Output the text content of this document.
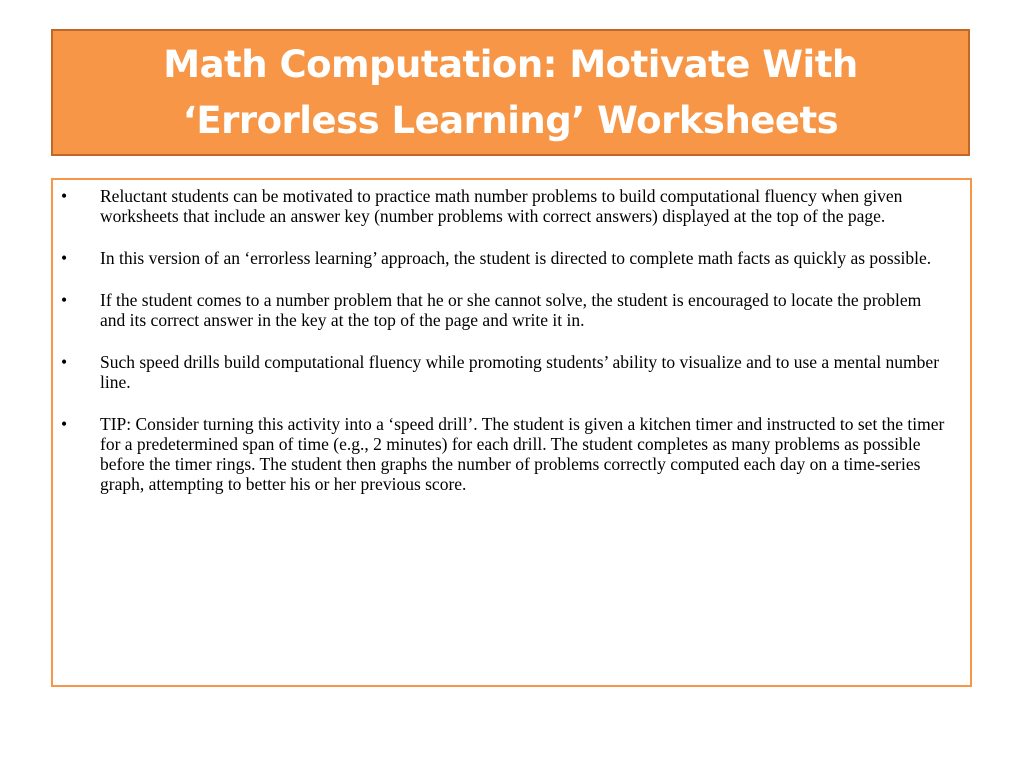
Math Computation: Motivate With
‘Errorless Learning’ Worksheets
• Reluctant students can be motivated to practice math number problems to build computational fluency when given worksheets that include an answer key (number problems with correct answers) displayed at the top of the page.
• In this version of an ‘errorless learning’ approach, the student is directed to complete math facts as quickly as possible.
• If the student comes to a number problem that he or she cannot solve, the student is encouraged to locate the problem and its correct answer in the key at the top of the page and write it in.
• Such speed drills build computational fluency while promoting students’ ability to visualize and to use a mental number line.
• TIP: Consider turning this activity into a ‘speed drill’. The student is given a kitchen timer and instructed to set the timer for a predetermined span of time (e.g., 2 minutes) for each drill. The student completes as many problems as possible before the timer rings. The student then graphs the number of problems correctly computed each day on a time-series graph, attempting to better his or her previous score.
